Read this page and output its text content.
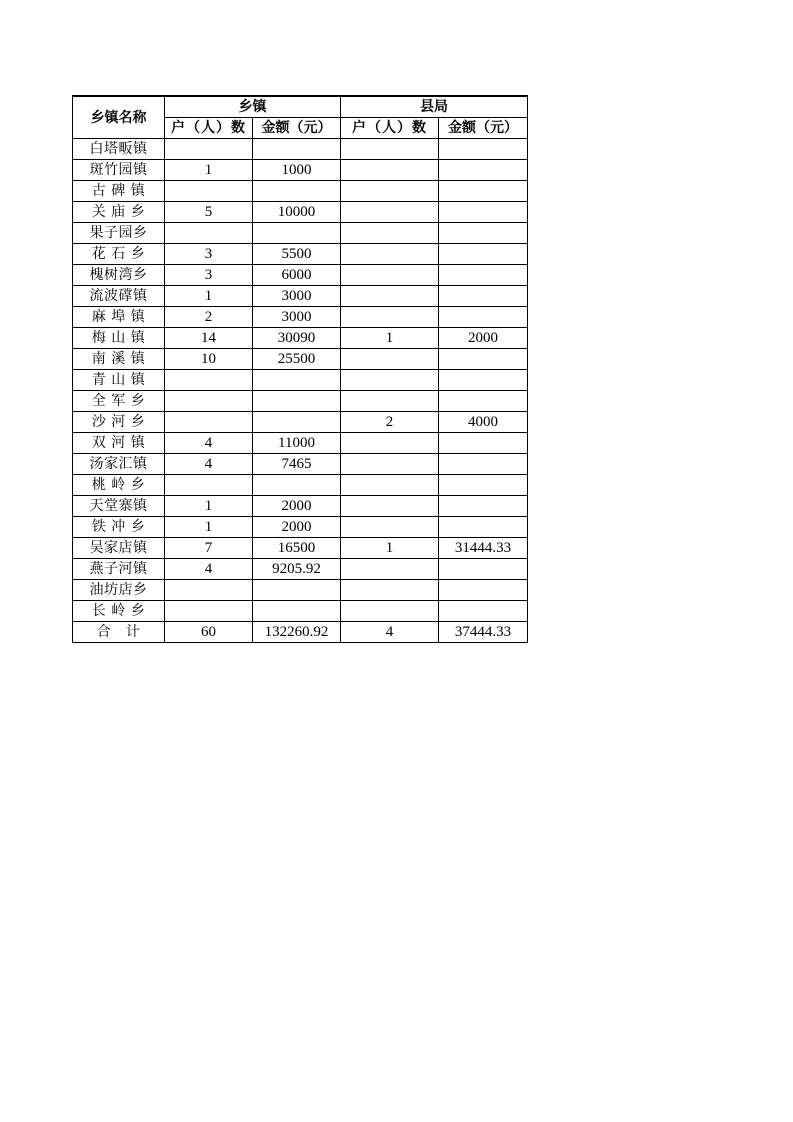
乡镇名称	乡镇		县局	
	户（人）数	金额（元）	户（人）数	金额（元）
白塔畈镇				
斑竹园镇	1	1000		
古 碑 镇				
关 庙 乡	5	10000		
果子园乡				
花 石 乡	3	5500		
槐树湾乡	3	6000		
流波礃镇	1	3000		
麻 埠 镇	2	3000		
梅 山 镇	14	30090	1	2000
南 溪 镇	10	25500		
青 山 镇				
全 军 乡				
沙 河 乡			2	4000
双 河 镇	4	11000		
汤家汇镇	4	7465		
桃 岭 乡				
天堂寨镇	1	2000		
铁 冲 乡	1	2000		
吴家店镇	7	16500	1	31444.33
燕子河镇	4	9205.92		
油坊店乡				
长 岭 乡				
合　计	60	132260.92	4	37444.33
